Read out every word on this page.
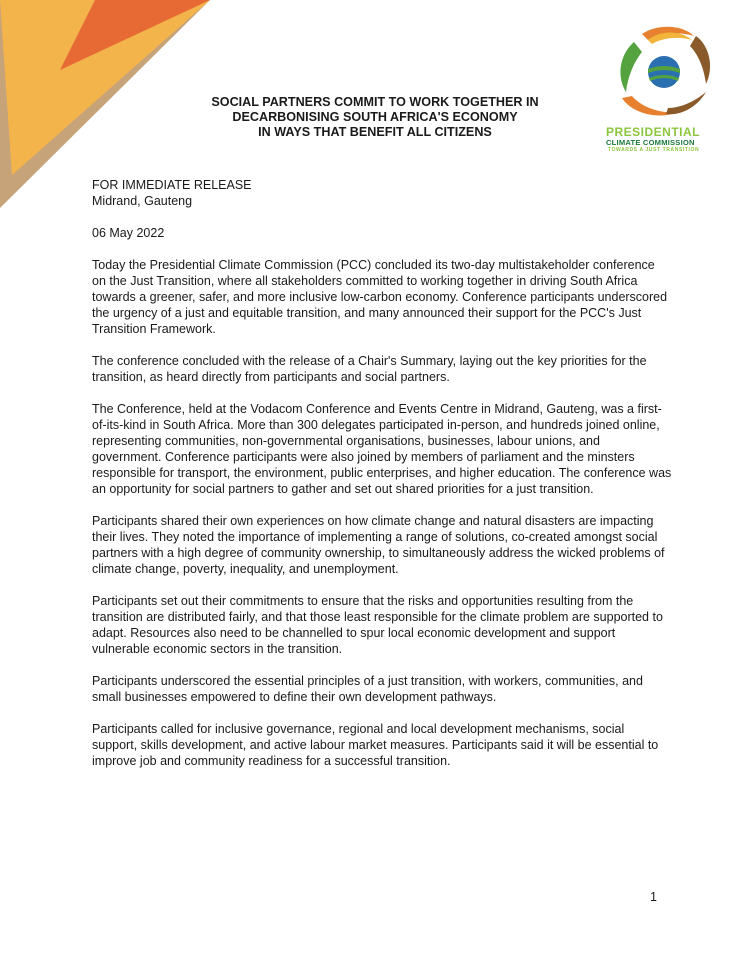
PRESIDENTIAL
CLIMATE COMMISSION
TOWARDS A JUST TRANSITION
SOCIAL PARTNERS COMMIT TO WORK TOGETHER IN
DECARBONISING SOUTH AFRICA'S ECONOMY
IN WAYS THAT BENEFIT ALL CITIZENS

FOR IMMEDIATE RELEASE
Midrand, Gauteng

06 May 2022

Today the Presidential Climate Commission (PCC) concluded its two-day multistakeholder conference on the Just Transition, where all stakeholders committed to working together in driving South Africa towards a greener, safer, and more inclusive low-carbon economy. Conference participants underscored the urgency of a just and equitable transition, and many announced their support for the PCC's Just Transition Framework.

The conference concluded with the release of a Chair's Summary, laying out the key priorities for the transition, as heard directly from participants and social partners.

The Conference, held at the Vodacom Conference and Events Centre in Midrand, Gauteng, was a first-of-its-kind in South Africa. More than 300 delegates participated in-person, and hundreds joined online, representing communities, non-governmental organisations, businesses, labour unions, and government. Conference participants were also joined by members of parliament and the minsters responsible for transport, the environment, public enterprises, and higher education. The conference was an opportunity for social partners to gather and set out shared priorities for a just transition.

Participants shared their own experiences on how climate change and natural disasters are impacting their lives. They noted the importance of implementing a range of solutions, co-created amongst social partners with a high degree of community ownership, to simultaneously address the wicked problems of climate change, poverty, inequality, and unemployment.

Participants set out their commitments to ensure that the risks and opportunities resulting from the transition are distributed fairly, and that those least responsible for the climate problem are supported to adapt. Resources also need to be channelled to spur local economic development and support vulnerable economic sectors in the transition.

Participants underscored the essential principles of a just transition, with workers, communities, and small businesses empowered to define their own development pathways.

Participants called for inclusive governance, regional and local development mechanisms, social support, skills development, and active labour market measures. Participants said it will be essential to improve job and community readiness for a successful transition.

1
